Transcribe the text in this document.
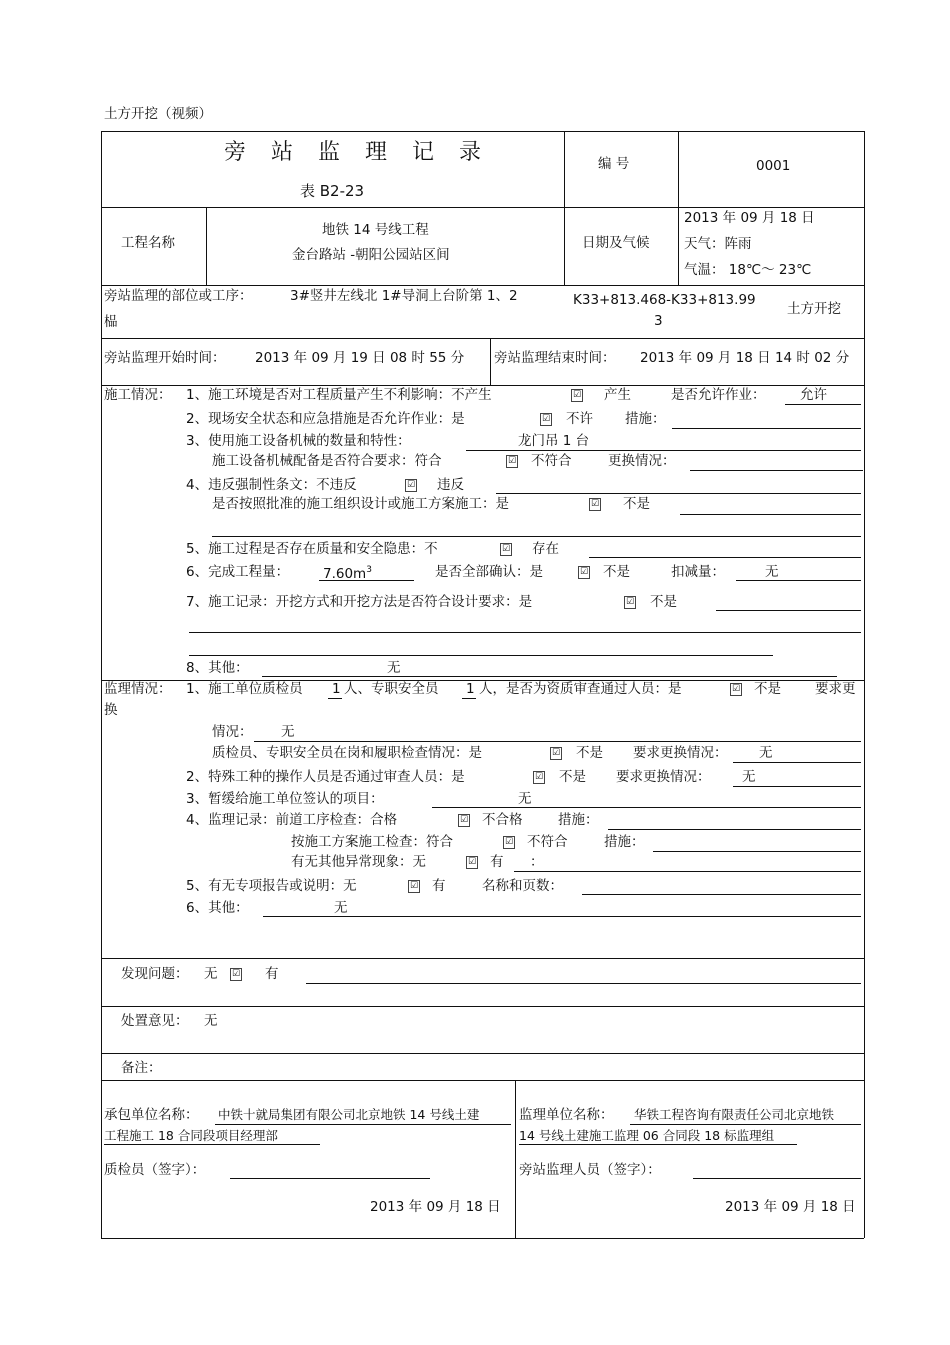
土方开挖（视频）
旁 站 监 理 记 录
表 B2-23
编 号	0001
工程名称
地铁 14 号线工程
金台路站 -朝阳公园站区间
日期及气候
2013 年 09 月 18 日
天气：阵雨
气温： 18℃～ 23℃
旁站监理的部位或工序：	3#竖井左线北 1#导洞上台阶第 1、2
榀
K33+813.468-K33+813.99
3
土方开挖
旁站监理开始时间： 2013 年 09 月 19 日 08 时 55 分 旁站监理结束时间： 2013 年 09 月 18 日 14 时 02 分
施工情况： 1、施工环境是否对工程质量产生不利影响：不产生	☑ 产生	是否允许作业：	允许
2、现场安全状态和应急措施是否允许作业：是	☑ 不许 措施：
3、使用施工设备机械的数量和特性：	龙门吊 1 台
施工设备机械配备是否符合要求：符合	☑ 不符合	更换情况：
4、违反强制性条文：不违反	☑ 违反
是否按照批准的施工组织设计或施工方案施工：是	☑ 不是
5、施工过程是否存在质量和安全隐患：不	☑ 存在
6、完成工程量：	$7.60m^3$	是否全部确认：是	☑ 不是	扣减量：	无
7、施工记录：开挖方式和开挖方法是否符合设计要求：是	☑ 不是
8、其他：	无
监理情况： 1、施工单位质检员 1 人、专职安全员 1 人，是否为资质审查通过人员：是	☑ 不是	要求更
换
情况： 无
质检员、专职安全员在岗和履职检查情况：是	☑ 不是 要求更换情况： 无
2、特殊工种的操作人员是否通过审查人员：是	☑ 不是 要求更换情况： 无
3、暂缓给施工单位签认的项目：	无
4、监理记录：前道工序检查：合格	☑ 不合格	措施：
按施工方案施工检查：符合	☑ 不符合	措施：
有无其他异常现象：无	☑ 有 ：
5、有无专项报告或说明：无	☑ 有	名称和页数：
6、其他：	无
发现问题： 无 ☑ 有
处置意见： 无
备注：
承包单位名称： 中铁十就局集团有限公司北京地铁 14 号线土建
工程施工 18 合同段项目经理部
质检员（签字）：
2013 年 09 月 18 日
监理单位名称： 华铁工程咨询有限责任公司北京地铁
14 号线土建施工监理 06 合同段 18 标监理组
旁站监理人员（签字）：
2013 年 09 月 18 日
